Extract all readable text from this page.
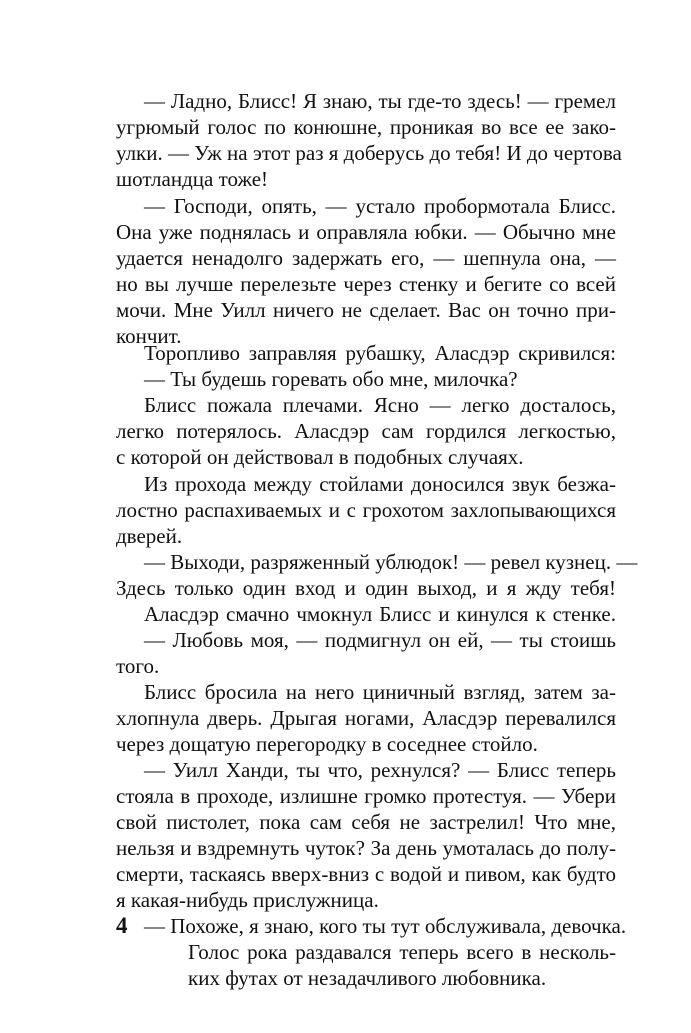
— Ладно, Блисс! Я знаю, ты где-то здесь! — гремел
угрюмый голос по конюшне, проникая во все ее зако-
улки. — Уж на этот раз я доберусь до тебя! И до чертова
шотландца тоже!
— Господи, опять, — устало пробормотала Блисс.
Она уже поднялась и оправляла юбки. — Обычно мне
удается ненадолго задержать его, — шепнула она, —
но вы лучше перелезьте через стенку и бегите со всей
мочи. Мне Уилл ничего не сделает. Вас он точно при-
кончит.
Торопливо заправляя рубашку, Аласдэр скривился:
— Ты будешь горевать обо мне, милочка?
Блисс пожала плечами. Ясно — легко досталось,
легко потерялось. Аласдэр сам гордился легкостью,
с которой он действовал в подобных случаях.
Из прохода между стойлами доносился звук безжа-
лостно распахиваемых и с грохотом захлопывающихся
дверей.
— Выходи, разряженный ублюдок! — ревел кузнец. —
Здесь только один вход и один выход, и я жду тебя!
Аласдэр смачно чмокнул Блисс и кинулся к стенке.
— Любовь моя, — подмигнул он ей, — ты стоишь
того.
Блисс бросила на него циничный взгляд, затем за-
хлопнула дверь. Дрыгая ногами, Аласдэр перевалился
через дощатую перегородку в соседнее стойло.
— Уилл Ханди, ты что, рехнулся? — Блисс теперь
стояла в проходе, излишне громко протестуя. — Убери
свой пистолет, пока сам себя не застрелил! Что мне,
нельзя и вздремнуть чуток? За день умоталась до полу-
смерти, таскаясь вверх-вниз с водой и пивом, как будто
я какая-нибудь прислужница.
— Похоже, я знаю, кого ты тут обслуживала, девочка.
Голос рока раздавался теперь всего в несколь-
ких футах от незадачливого любовника.
4
